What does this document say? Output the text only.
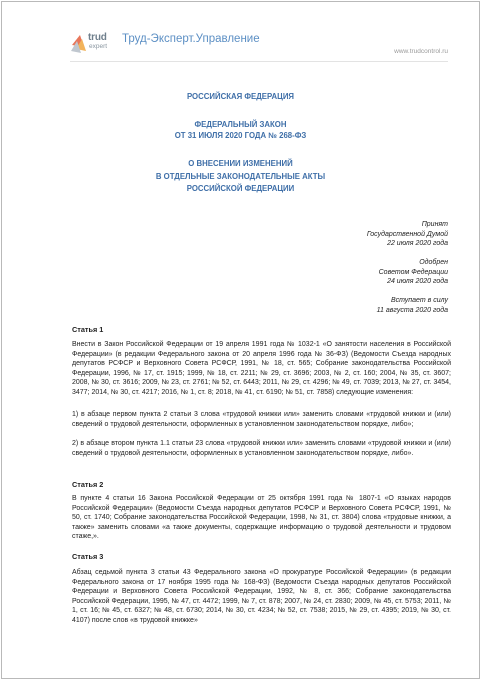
trud
expert
Труд-Эксперт.Управление
www.trudcontrol.ru
РОССИЙСКАЯ ФЕДЕРАЦИЯ
ФЕДЕРАЛЬНЫЙ ЗАКОН
ОТ 31 ИЮЛЯ 2020 ГОДА № 268-ФЗ
О ВНЕСЕНИИ ИЗМЕНЕНИЙ
В ОТДЕЛЬНЫЕ ЗАКОНОДАТЕЛЬНЫЕ АКТЫ
РОССИЙСКОЙ ФЕДЕРАЦИИ
Принят
Государственной Думой
22 июля 2020 года
Одобрен
Советом Федерации
24 июля 2020 года
Вступает в силу
11 августа 2020 года
Статья 1
Внести в Закон Российской Федерации от 19 апреля 1991 года № 1032-1 «О занятости населения в Российской Федерации» (в редакции Федерального закона от 20 апреля 1996 года № 36-ФЗ) (Ведомости Съезда народных депутатов РСФСР и Верховного Совета РСФСР, 1991, № 18, ст. 565; Собрание законодательства Российской Федерации, 1996, № 17, ст. 1915; 1999, № 18, ст. 2211; № 29, ст. 3696; 2003, № 2, ст. 160; 2004, № 35, ст. 3607; 2008, № 30, ст. 3616; 2009, № 23, ст. 2761; № 52, ст. 6443; 2011, № 29, ст. 4296; № 49, ст. 7039; 2013, № 27, ст. 3454, 3477; 2014, № 30, ст. 4217; 2016, № 1, ст. 8; 2018, № 41, ст. 6190; № 51, ст. 7858) следующие изменения:
1) в абзаце первом пункта 2 статьи 3 слова «трудовой книжки или» заменить словами «трудовой книжки и (или) сведений о трудовой деятельности, оформленных в установленном законодательством порядке, либо»;
2) в абзаце втором пункта 1.1 статьи 23 слова «трудовой книжки или» заменить словами «трудовой книжки и (или) сведений о трудовой деятельности, оформленных в установленном законодательством порядке, либо».
Статья 2
В пункте 4 статьи 16 Закона Российской Федерации от 25 октября 1991 года № 1807-1 «О языках народов Российской Федерации» (Ведомости Съезда народных депутатов РСФСР и Верховного Совета РСФСР, 1991, № 50, ст. 1740; Собрание законодательства Российской Федерации, 1998, № 31, ст. 3804) слова «трудовые книжки, а также» заменить словами «а также документы, содержащие информацию о трудовой деятельности и трудовом стаже,».
Статья 3
Абзац седьмой пункта 3 статьи 43 Федерального закона «О прокуратуре Российской Федерации» (в редакции Федерального закона от 17 ноября 1995 года № 168-ФЗ) (Ведомости Съезда народных депутатов Российской Федерации и Верховного Совета Российской Федерации, 1992, № 8, ст. 366; Собрание законодательства Российской Федерации, 1995, № 47, ст. 4472; 1999, № 7, ст. 878; 2007, № 24, ст. 2830; 2009, № 45, ст. 5753; 2011, № 1, ст. 16; № 45, ст. 6327; № 48, ст. 6730; 2014, № 30, ст. 4234; № 52, ст. 7538; 2015, № 29, ст. 4395; 2019, № 30, ст. 4107) после слов «в трудовой книжке»
